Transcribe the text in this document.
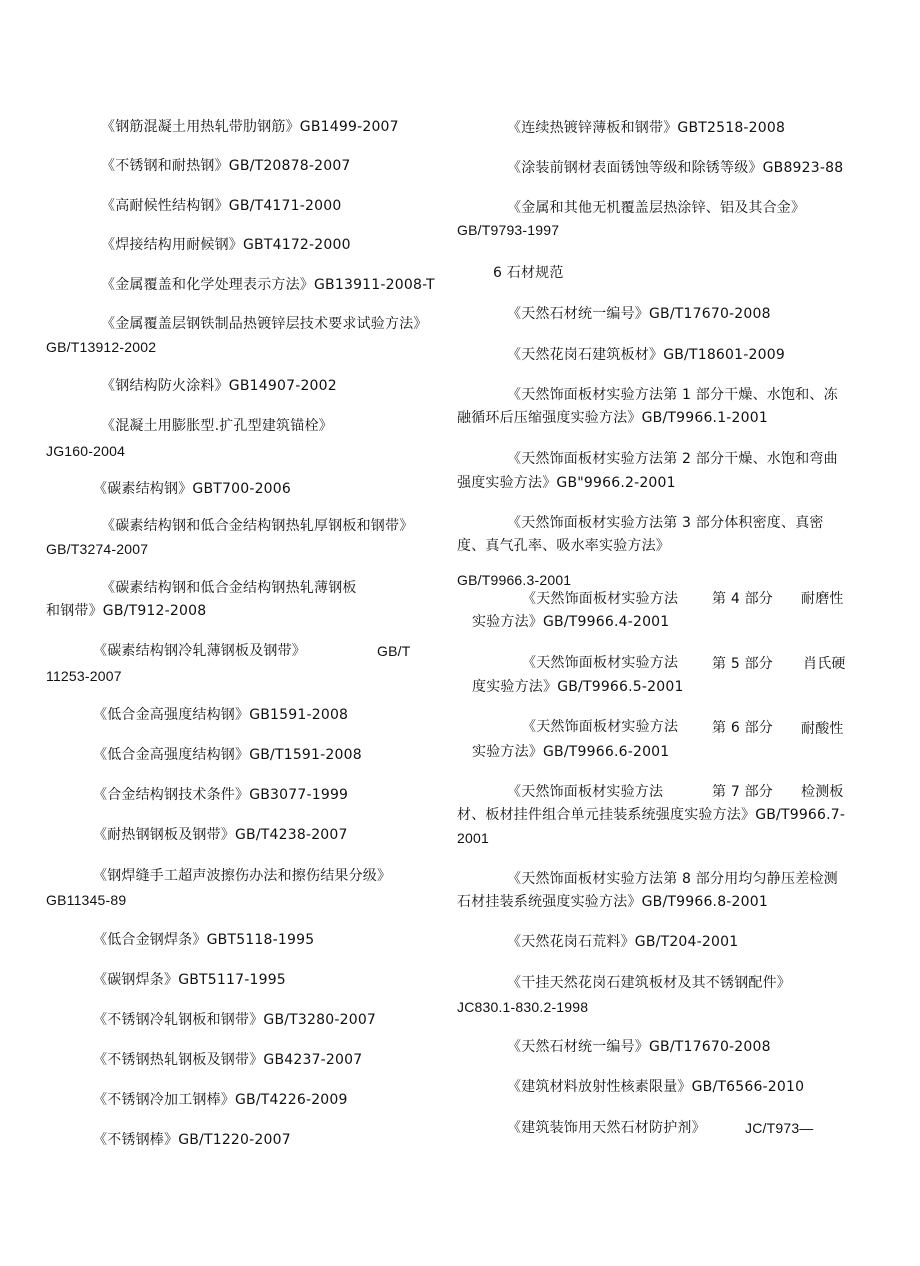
《钢筋混凝土用热轧带肋钢筋》GB1499-2007
《不锈钢和耐热钢》GB/T20878-2007
《高耐候性结构钢》GB/T4171-2000
《焊接结构用耐候钢》GBT4172-2000
《金属覆盖和化学处理表示方法》GB13911-2008-T
《金属覆盖层钢铁制品热镀锌层技术要求试验方法》
GB/T13912-2002
《钢结构防火涂料》GB14907-2002
《混凝土用膨胀型.扩孔型建筑锚栓》
JG160-2004
《碳素结构钢》GBT700-2006
《碳素结构钢和低合金结构钢热轧厚钢板和钢带》
GB/T3274-2007
《碳素结构钢和低合金结构钢热轧薄钢板
和钢带》GB/T912-2008
《碳素结构钢冷轧薄钢板及钢带》	GB/T
11253-2007
《低合金高强度结构钢》GB1591-2008
《低合金高强度结构钢》GB/T1591-2008
《合金结构钢技术条件》GB3077-1999
《耐热钢钢板及钢带》GB/T4238-2007
《钢焊缝手工超声波擦伤办法和擦伤结果分级》
GB11345-89
《低合金钢焊条》GBT5118-1995
《碳钢焊条》GBT5117-1995
《不锈钢冷轧钢板和钢带》GB/T3280-2007
《不锈钢热轧钢板及钢带》GB4237-2007
《不锈钢冷加工钢棒》GB/T4226-2009
《不锈钢棒》GB/T1220-2007
《连续热镀锌薄板和钢带》GBT2518-2008
《涂装前钢材表面锈蚀等级和除锈等级》GB8923-88
《金属和其他无机覆盖层热涂锌、铝及其合金》
GB/T9793-1997
6 石材规范
《天然石材统一编号》GB/T17670-2008
《天然花岗石建筑板材》GB/T18601-2009
《天然饰面板材实验方法第 1 部分干燥、水饱和、冻
融循环后压缩强度实验方法》GB/T9966.1-2001
《天然饰面板材实验方法第 2 部分干燥、水饱和弯曲
强度实验方法》GB"9966.2-2001
《天然饰面板材实验方法第 3 部分体积密度、真密
度、真气孔率、吸水率实验方法》
GB/T9966.3-2001
《天然饰面板材实验方法 第 4 部分 耐磨性
实验方法》GB/T9966.4-2001
《天然饰面板材实验方法 第 5 部分 肖氏硬
度实验方法》GB/T9966.5-2001
《天然饰面板材实验方法 第 6 部分 耐酸性
实验方法》GB/T9966.6-2001
《天然饰面板材实验方法	第 7 部分 检测板
材、板材挂件组合单元挂装系统强度实验方法》GB/T9966.7-
2001
《天然饰面板材实验方法第 8 部分用均匀静压差检测
石材挂装系统强度实验方法》GB/T9966.8-2001
《天然花岗石荒料》GB/T204-2001
《干挂天然花岗石建筑板材及其不锈钢配件》
JC830.1-830.2-1998
《天然石材统一编号》GB/T17670-2008
《建筑材料放射性核素限量》GB/T6566-2010
《建筑装饰用天然石材防护剂》	JC/T973—
